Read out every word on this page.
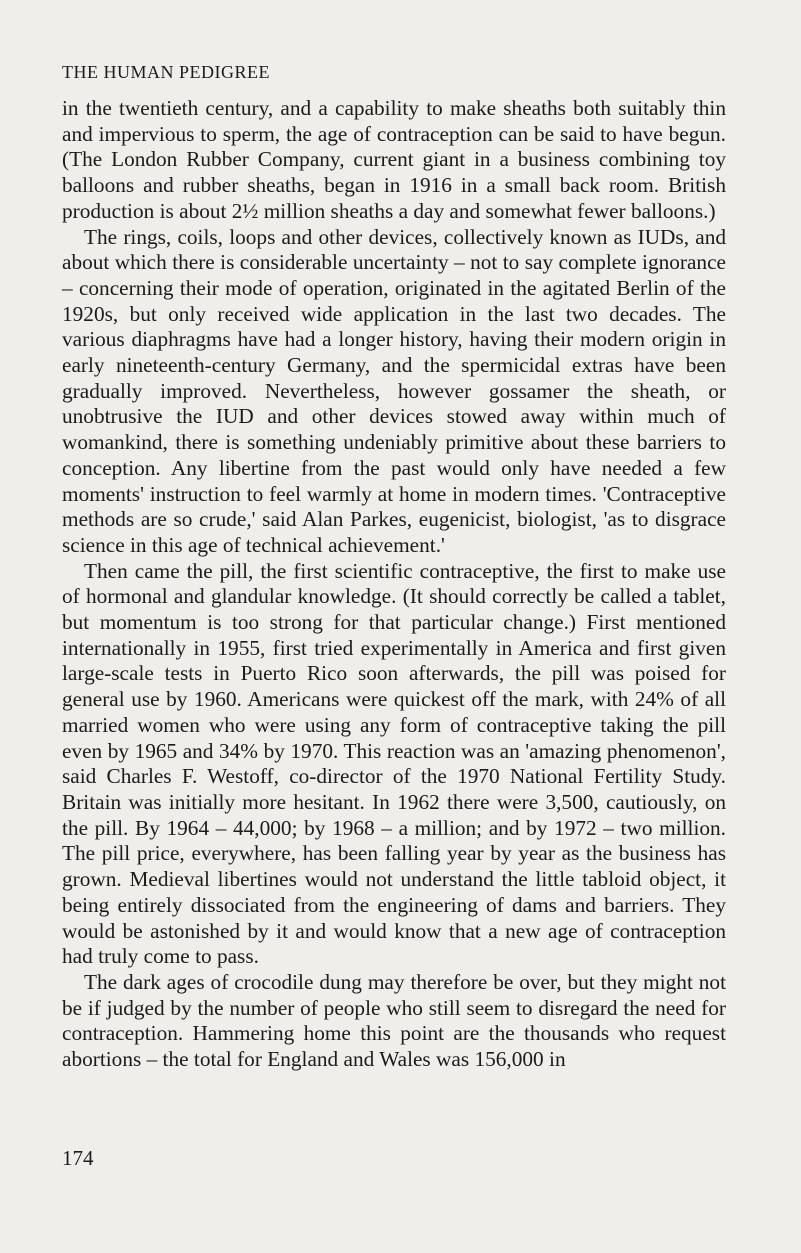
THE HUMAN PEDIGREE

in the twentieth century, and a capability to make sheaths both suitably thin and impervious to sperm, the age of contraception can be said to have begun. (The London Rubber Company, current giant in a business combining toy balloons and rubber sheaths, began in 1916 in a small back room. British production is about 2½ million sheaths a day and somewhat fewer balloons.)

The rings, coils, loops and other devices, collectively known as IUDs, and about which there is considerable uncertainty – not to say complete ignorance – concerning their mode of operation, originated in the agitated Berlin of the 1920s, but only received wide application in the last two decades. The various diaphragms have had a longer history, having their modern origin in early nineteenth-century Germany, and the spermicidal extras have been gradually improved. Nevertheless, however gossamer the sheath, or unobtrusive the IUD and other devices stowed away within much of womankind, there is something undeniably primitive about these barriers to conception. Any libertine from the past would only have needed a few moments' instruction to feel warmly at home in modern times. 'Contraceptive methods are so crude,' said Alan Parkes, eugenicist, biologist, 'as to disgrace science in this age of technical achievement.'

Then came the pill, the first scientific contraceptive, the first to make use of hormonal and glandular knowledge. (It should correctly be called a tablet, but momentum is too strong for that particular change.) First mentioned internationally in 1955, first tried experimentally in America and first given large-scale tests in Puerto Rico soon afterwards, the pill was poised for general use by 1960. Americans were quickest off the mark, with 24% of all married women who were using any form of contraceptive taking the pill even by 1965 and 34% by 1970. This reaction was an 'amazing phenomenon', said Charles F. Westoff, co-director of the 1970 National Fertility Study. Britain was initially more hesitant. In 1962 there were 3,500, cautiously, on the pill. By 1964 – 44,000; by 1968 – a million; and by 1972 – two million. The pill price, everywhere, has been falling year by year as the business has grown. Medieval libertines would not understand the little tabloid object, it being entirely dissociated from the engineering of dams and barriers. They would be astonished by it and would know that a new age of contraception had truly come to pass.

The dark ages of crocodile dung may therefore be over, but they might not be if judged by the number of people who still seem to disregard the need for contraception. Hammering home this point are the thousands who request abortions – the total for England and Wales was 156,000 in

174
